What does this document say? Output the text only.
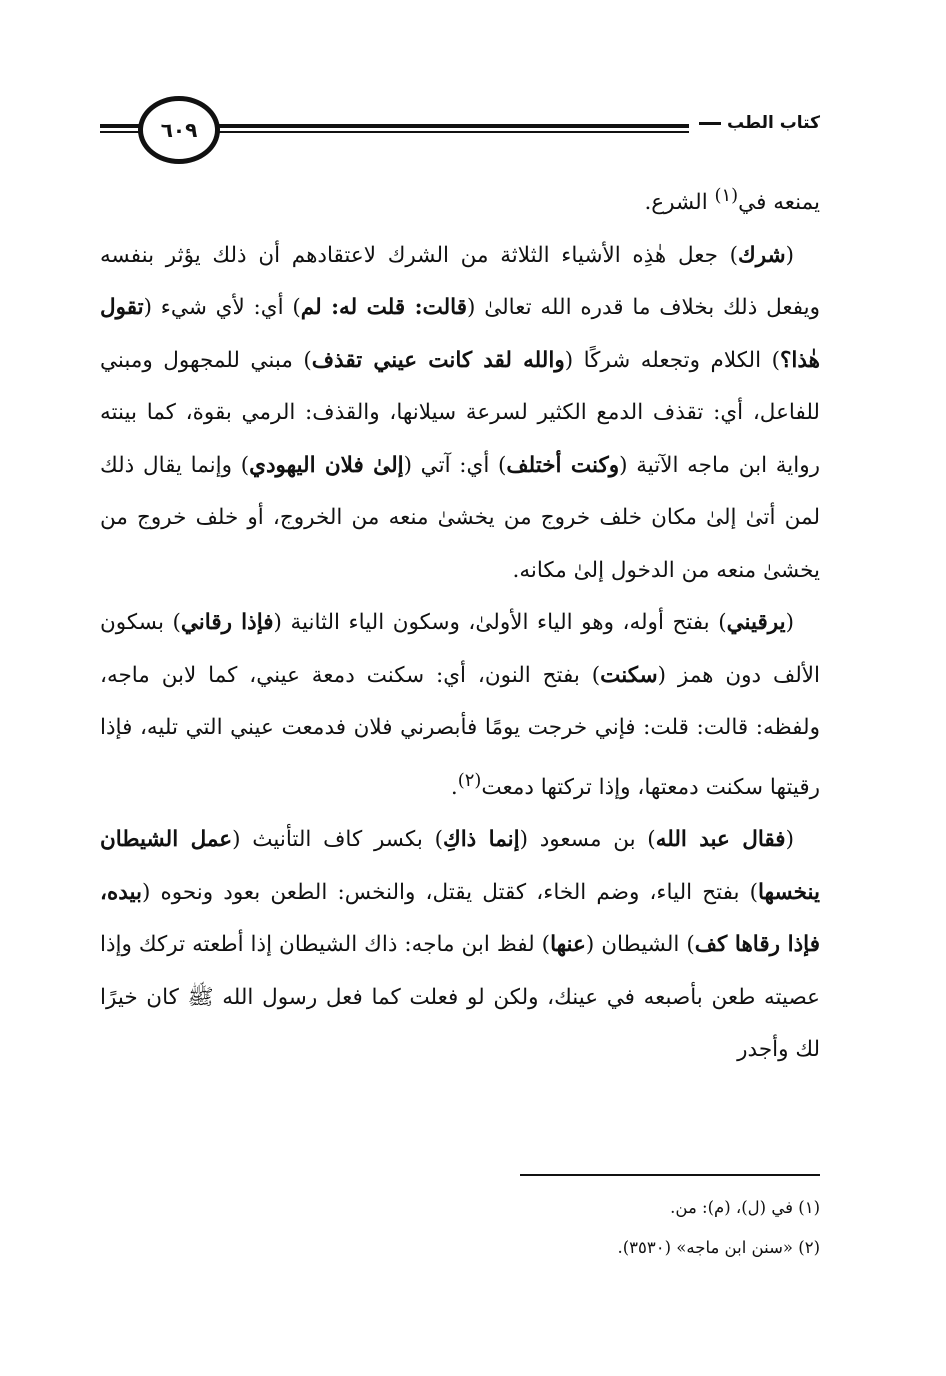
٦٠٩	كتاب الطب

يمنعه في$^{(١)}$ الشرع.

(شرك) جعل هٰذِه الأشياء الثلاثة من الشرك لاعتقادهم أن ذلك يؤثر بنفسه ويفعل ذلك بخلاف ما قدره الله تعالىٰ (قالت: قلت له: لم) أي: لأي شيء (تقول هٰذا؟) الكلام وتجعله شركًا (والله لقد كانت عيني تقذف) مبني للمجهول ومبني للفاعل، أي: تقذف الدمع الكثير لسرعة سيلانها، والقذف: الرمي بقوة، كما بينته رواية ابن ماجه الآتية (وكنت أختلف) أي: آتي (إلىٰ فلان اليهودي) وإنما يقال ذلك لمن أتىٰ إلىٰ مكان خلف خروج من يخشىٰ منعه من الخروج، أو خلف خروج من يخشىٰ منعه من الدخول إلىٰ مكانه.

(يرقيني) بفتح أوله، وهو الياء الأولىٰ، وسكون الياء الثانية (فإذا رقاني) بسكون الألف دون همز (سكنت) بفتح النون، أي: سكنت دمعة عيني، كما لابن ماجه، ولفظه: قالت: قلت: فإني خرجت يومًا فأبصرني فلان فدمعت عيني التي تليه، فإذا رقيتها سكنت دمعتها، وإذا تركتها دمعت$^{(٢)}$.

(فقال عبد الله) بن مسعود (إنما ذاكِ) بكسر كاف التأنيث (عمل الشيطان ينخسها) بفتح الياء، وضم الخاء، كقتل يقتل، والنخس: الطعن بعود ونحوه (بيده، فإذا رقاها كف) الشيطان (عنها) لفظ ابن ماجه: ذاك الشيطان إذا أطعته تركك وإذا عصيته طعن بأصبعه في عينك، ولكن لو فعلت كما فعل رسول الله ﷺ كان خيرًا لك وأجدر

(١) في (ل)، (م): من.

(٢) «سنن ابن ماجه» (٣٥٣٠).
